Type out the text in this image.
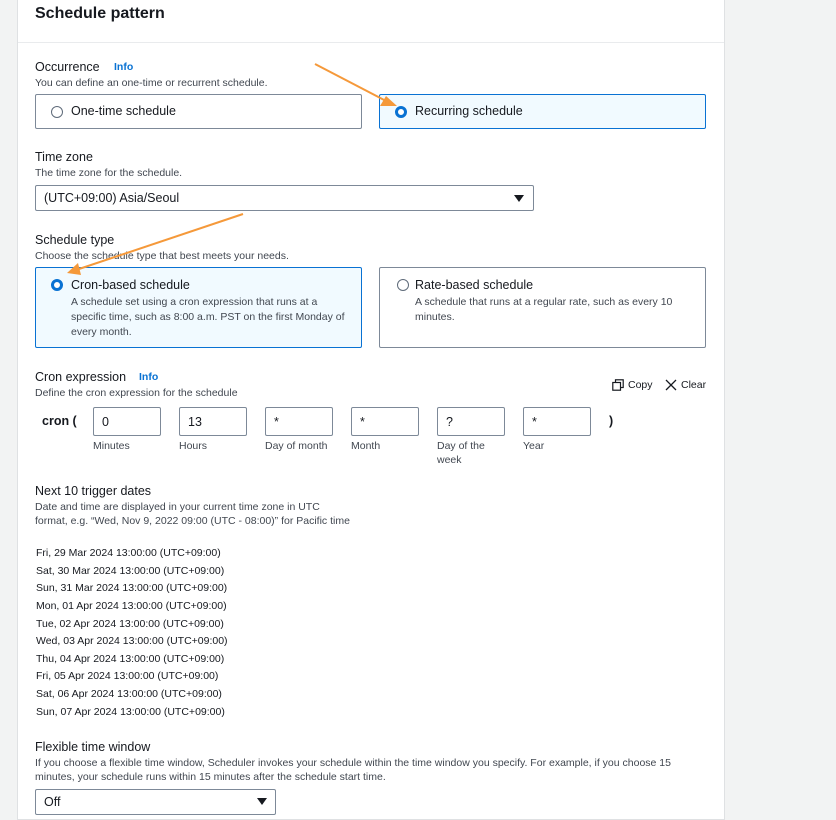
Schedule pattern
Occurrence Info
You can define an one-time or recurrent schedule.
One-time schedule	Recurring schedule
Time zone
The time zone for the schedule.
(UTC+09:00) Asia/Seoul
Schedule type
Choose the schedule type that best meets your needs.
Cron-based schedule
A schedule set using a cron expression that runs at a specific time, such as 8:00 a.m. PST on the first Monday of every month.
Rate-based schedule
A schedule that runs at a regular rate, such as every 10 minutes.
Cron expression Info
Define the cron expression for the schedule
Copy	Clear
cron (
0
Minutes
13	Hours
*	Day of month
*	Month
?	Day of the week
*
Year
)
Next 10 trigger dates
Date and time are displayed in your current time zone in UTC
format, e.g. “Wed, Nov 9, 2022 09:00 (UTC - 08:00)” for Pacific time
Fri, 29 Mar 2024 13:00:00 (UTC+09:00)
Sat, 30 Mar 2024 13:00:00 (UTC+09:00)
Sun, 31 Mar 2024 13:00:00 (UTC+09:00)
Mon, 01 Apr 2024 13:00:00 (UTC+09:00)
Tue, 02 Apr 2024 13:00:00 (UTC+09:00)
Wed, 03 Apr 2024 13:00:00 (UTC+09:00)
Thu, 04 Apr 2024 13:00:00 (UTC+09:00)
Fri, 05 Apr 2024 13:00:00 (UTC+09:00)
Sat, 06 Apr 2024 13:00:00 (UTC+09:00)
Sun, 07 Apr 2024 13:00:00 (UTC+09:00)
Flexible time window
If you choose a flexible time window, Scheduler invokes your schedule within the time window you specify. For example, if you choose 15
minutes, your schedule runs within 15 minutes after the schedule start time.
Off
